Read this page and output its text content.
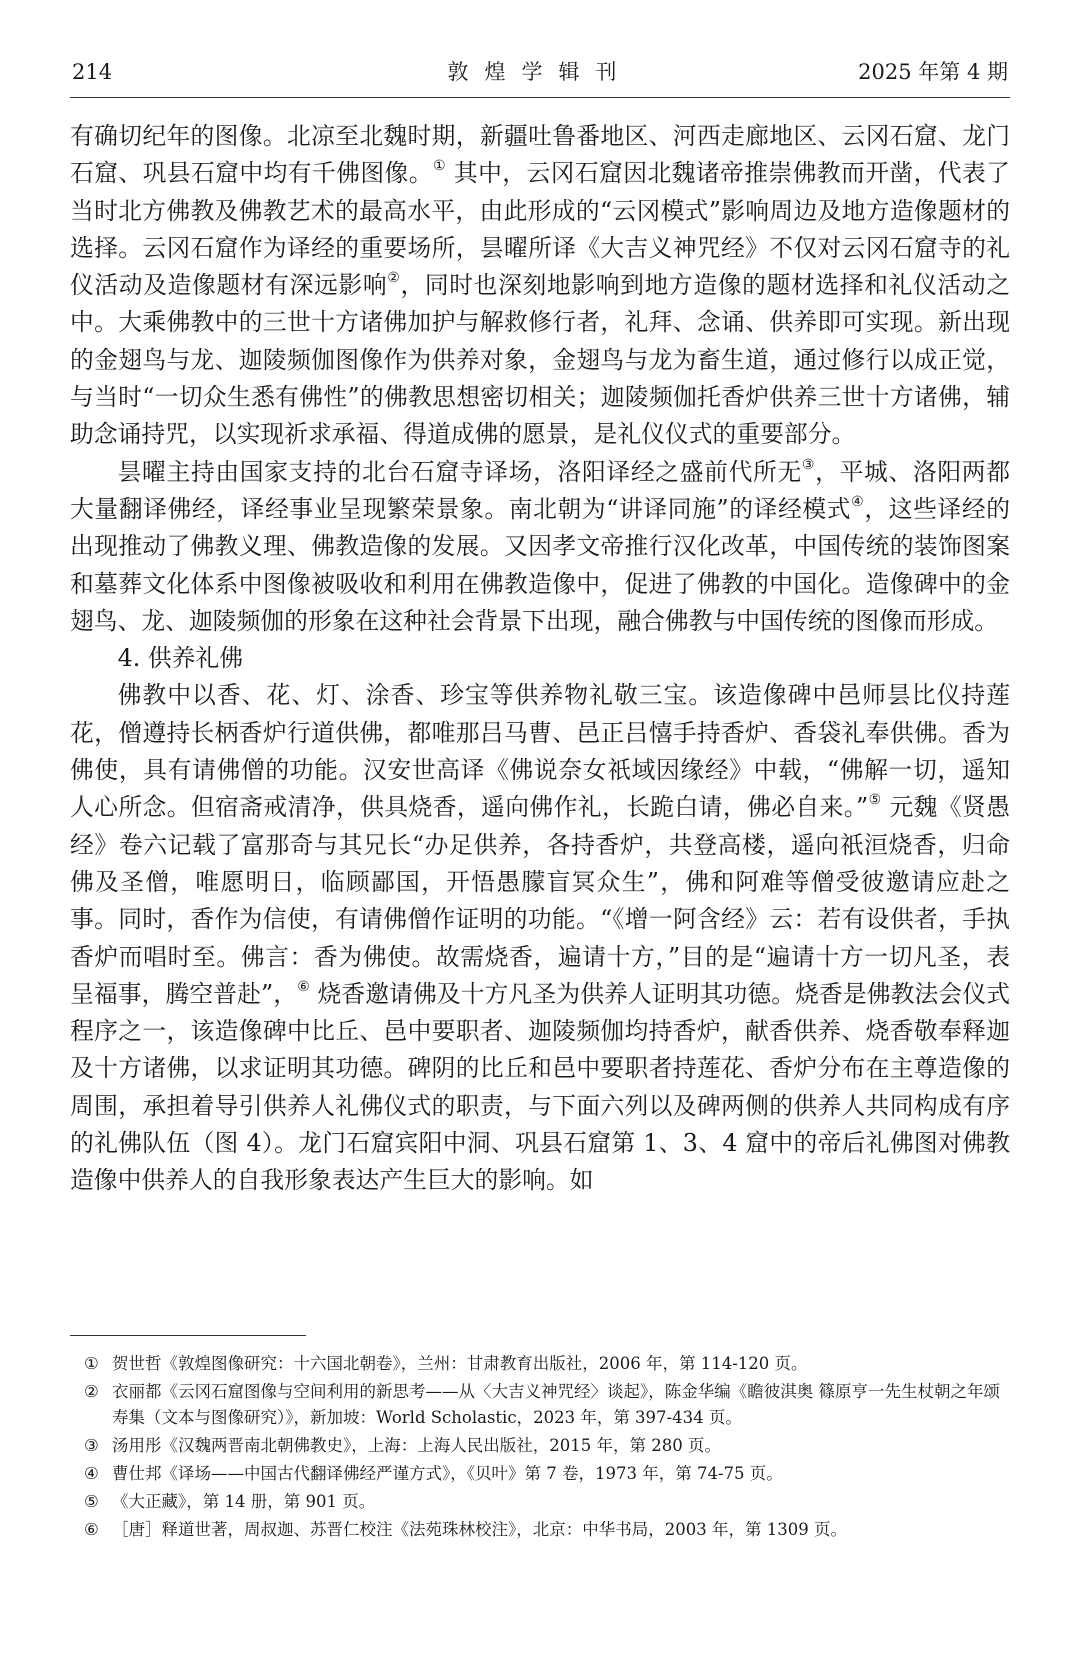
214	敦煌学辑刊	2025 年第 4 期

有确切纪年的图像。北凉至北魏时期，新疆吐鲁番地区、河西走廊地区、云冈石窟、龙门石窟、巩县石窟中均有千佛图像。① 其中，云冈石窟因北魏诸帝推崇佛教而开凿，代表了当时北方佛教及佛教艺术的最高水平，由此形成的“云冈模式”影响周边及地方造像题材的选择。云冈石窟作为译经的重要场所，昙曜所译《大吉义神咒经》不仅对云冈石窟寺的礼仪活动及造像题材有深远影响②，同时也深刻地影响到地方造像的题材选择和礼仪活动之中。大乘佛教中的三世十方诸佛加护与解救修行者，礼拜、念诵、供养即可实现。新出现的金翅鸟与龙、迦陵频伽图像作为供养对象，金翅鸟与龙为畜生道，通过修行以成正觉，与当时“一切众生悉有佛性”的佛教思想密切相关；迦陵频伽托香炉供养三世十方诸佛，辅助念诵持咒，以实现祈求承福、得道成佛的愿景，是礼仪仪式的重要部分。

昙曜主持由国家支持的北台石窟寺译场，洛阳译经之盛前代所无③，平城、洛阳两都大量翻译佛经，译经事业呈现繁荣景象。南北朝为“讲译同施”的译经模式④，这些译经的出现推动了佛教义理、佛教造像的发展。又因孝文帝推行汉化改革，中国传统的装饰图案和墓葬文化体系中图像被吸收和利用在佛教造像中，促进了佛教的中国化。造像碑中的金翅鸟、龙、迦陵频伽的形象在这种社会背景下出现，融合佛教与中国传统的图像而形成。

4. 供养礼佛

佛教中以香、花、灯、涂香、珍宝等供养物礼敬三宝。该造像碑中邑师昙比仪持莲花，僧遵持长柄香炉行道供佛，都唯那吕马曹、邑正吕憘手持香炉、香袋礼奉供佛。香为佛使，具有请佛僧的功能。汉安世高译《佛说奈女祇域因缘经》中载，“佛解一切，遥知人心所念。但宿斋戒清净，供具烧香，遥向佛作礼，长跪白请，佛必自来。”⑤ 元魏《贤愚经》卷六记载了富那奇与其兄长“办足供养，各持香炉，共登高楼，遥向祇洹烧香，归命佛及圣僧，唯愿明日，临顾鄙国，开悟愚朦盲冥众生”，佛和阿难等僧受彼邀请应赴之事。同时，香作为信使，有请佛僧作证明的功能。“《增一阿含经》云：若有设供者，手执香炉而唱时至。佛言：香为佛使。故需烧香，遍请十方，”目的是“遍请十方一切凡圣，表呈福事，腾空普赴”，⑥ 烧香邀请佛及十方凡圣为供养人证明其功德。烧香是佛教法会仪式程序之一，该造像碑中比丘、邑中要职者、迦陵频伽均持香炉，献香供养、烧香敬奉释迦及十方诸佛，以求证明其功德。碑阴的比丘和邑中要职者持莲花、香炉分布在主尊造像的周围，承担着导引供养人礼佛仪式的职责，与下面六列以及碑两侧的供养人共同构成有序的礼佛队伍（图 4）。龙门石窟宾阳中洞、巩县石窟第 1、3、4 窟中的帝后礼佛图对佛教造像中供养人的自我形象表达产生巨大的影响。如

① 贺世哲《敦煌图像研究：十六国北朝卷》，兰州：甘肃教育出版社，2006 年，第 114-120 页。
② 衣丽都《云冈石窟图像与空间利用的新思考——从〈大吉义神咒经〉谈起》，陈金华编《瞻彼淇奥 篠原亨一先生杖朝之年颂寿集（文本与图像研究）》，新加坡：World Scholastic，2023 年，第 397-434 页。
③ 汤用彤《汉魏两晋南北朝佛教史》，上海：上海人民出版社，2015 年，第 280 页。
④ 曹仕邦《译场——中国古代翻译佛经严谨方式》，《贝叶》第 7 卷，1973 年，第 74-75 页。
⑤ 《大正藏》，第 14 册，第 901 页。
⑥ ［唐］释道世著，周叔迦、苏晋仁校注《法苑珠林校注》，北京：中华书局，2003 年，第 1309 页。
